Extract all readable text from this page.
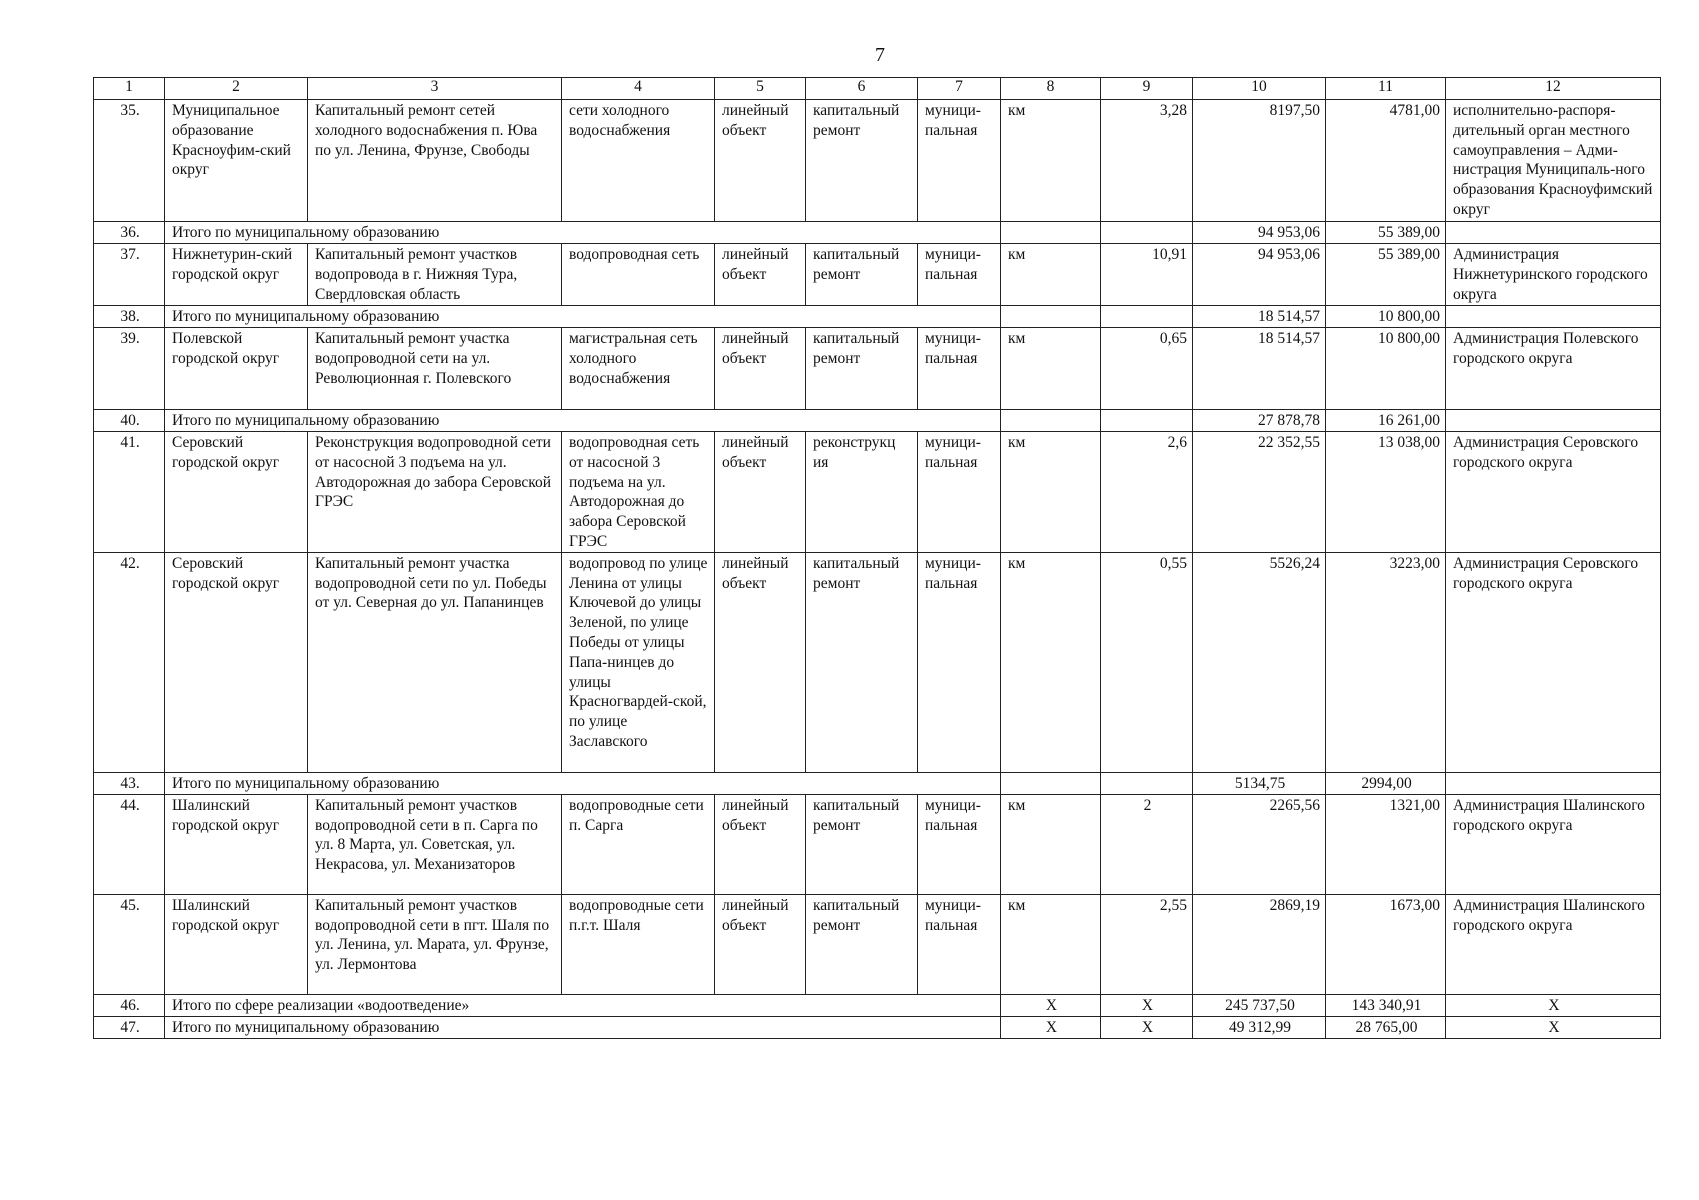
7
1	2	3	4	5	6	7	8	9	10	11	12
35.	Муниципальное образование Красноуфим-ский округ	Капитальный ремонт сетей холодного водоснабжения п. Юва по ул. Ленина, Фрунзе, Свободы	сети холодного водоснабжения	линейный объект	капитальный ремонт	муници-пальная	км	3,28	8197,50	4781,00	исполнительно-распоря-дительный орган местного самоуправления – Адми-нистрация Муниципаль-ного образования Красноуфимский округ
36.	Итого по муниципальному образованию								94 953,06	55 389,00	
37.	Нижнетурин-ский городской округ	Капитальный ремонт участков водопровода в г. Нижняя Тура, Свердловская область	водопроводная сеть	линейный объект	капитальный ремонт	муници-пальная	км	10,91	94 953,06	55 389,00	Администрация Нижнетуринского городского округа
38.	Итого по муниципальному образованию								18 514,57	10 800,00	
39.	Полевской городской округ	Капитальный ремонт участка водопроводной сети на ул. Революционная г. Полевского	магистральная сеть холодного водоснабжения	линейный объект	капитальный ремонт	муници-пальная	км	0,65	18 514,57	10 800,00	Администрация Полевского городского округа
40.	Итого по муниципальному образованию								27 878,78	16 261,00	
41.	Серовский городской округ	Реконструкция водопроводной сети от насосной 3 подъема на ул. Автодорожная до забора Серовской ГРЭС	водопроводная сеть от насосной 3 подъема на ул. Автодорожная до забора Серовской ГРЭС	линейный объект	реконструкц ия	муници-пальная	км	2,6	22 352,55	13 038,00	Администрация Серовского городского округа
42.	Серовский городской округ	Капитальный ремонт участка водопроводной сети по ул. Победы от ул. Северная до ул. Папанинцев	водопровод по улице Ленина от улицы Ключевой до улицы Зеленой, по улице Победы от улицы Папа-нинцев до улицы Красногвардей-ской, по улице Заславского	линейный объект	капитальный ремонт	муници-пальная	км	0,55	5526,24	3223,00	Администрация Серовского городского округа
43.	Итого по муниципальному образованию								5134,75	2994,00	
44.	Шалинский городской округ	Капитальный ремонт участков водопроводной сети в п. Сарга по ул. 8 Марта, ул. Советская, ул. Некрасова, ул. Механизаторов	водопроводные сети п. Сарга	линейный объект	капитальный ремонт	муници-пальная	км	2	2265,56	1321,00	Администрация Шалинского городского округа
45.	Шалинский городской округ	Капитальный ремонт участков водопроводной сети в пгт. Шаля по ул. Ленина, ул. Марата, ул. Фрунзе, ул. Лермонтова	водопроводные сети п.г.т. Шаля	линейный объект	капитальный ремонт	муници-пальная	км	2,55	2869,19	1673,00	Администрация Шалинского городского округа
46.	Итого по сфере реализации «водоотведение»						X	X	245 737,50	143 340,91	X
47.	Итого по муниципальному образованию						X	X	49 312,99	28 765,00	X
